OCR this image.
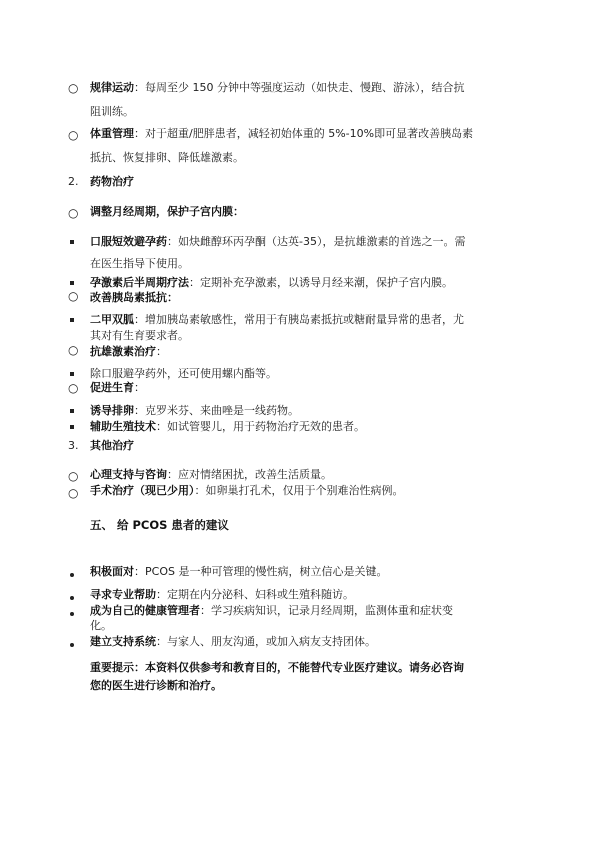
○ 规律运动：每周至少 150 分钟中等强度运动（如快走、慢跑、游泳），结合抗
阻训练。
○ 体重管理：对于超重/肥胖患者，减轻初始体重的 5%-10%即可显著改善胰岛素
抵抗、恢复排卵、降低雄激素。
2. 药物治疗
○ 调整月经周期，保护子宫内膜：
口服短效避孕药：如炔雌醇环丙孕酮（达英-35），是抗雄激素的首选之一。需
在医生指导下使用。
孕激素后半周期疗法：定期补充孕激素，以诱导月经来潮，保护子宫内膜。
○ 改善胰岛素抵抗：
二甲双胍：增加胰岛素敏感性，常用于有胰岛素抵抗或糖耐量异常的患者，尤
其对有生育要求者。
○ 抗雄激素治疗：
除口服避孕药外，还可使用螺内酯等。
○ 促进生育：
诱导排卵：克罗米芬、来曲唑是一线药物。
辅助生殖技术：如试管婴儿，用于药物治疗无效的患者。
3. 其他治疗
○ 心理支持与咨询：应对情绪困扰，改善生活质量。
○ 手术治疗（现已少用）：如卵巢打孔术，仅用于个别难治性病例。
五、 给 PCOS 患者的建议
积极面对：PCOS 是一种可管理的慢性病，树立信心是关键。
寻求专业帮助：定期在内分泌科、妇科或生殖科随访。
成为自己的健康管理者：学习疾病知识，记录月经周期，监测体重和症状变
化。
建立支持系统：与家人、朋友沟通，或加入病友支持团体。
重要提示：本资料仅供参考和教育目的，不能替代专业医疗建议。请务必咨询
您的医生进行诊断和治疗。
